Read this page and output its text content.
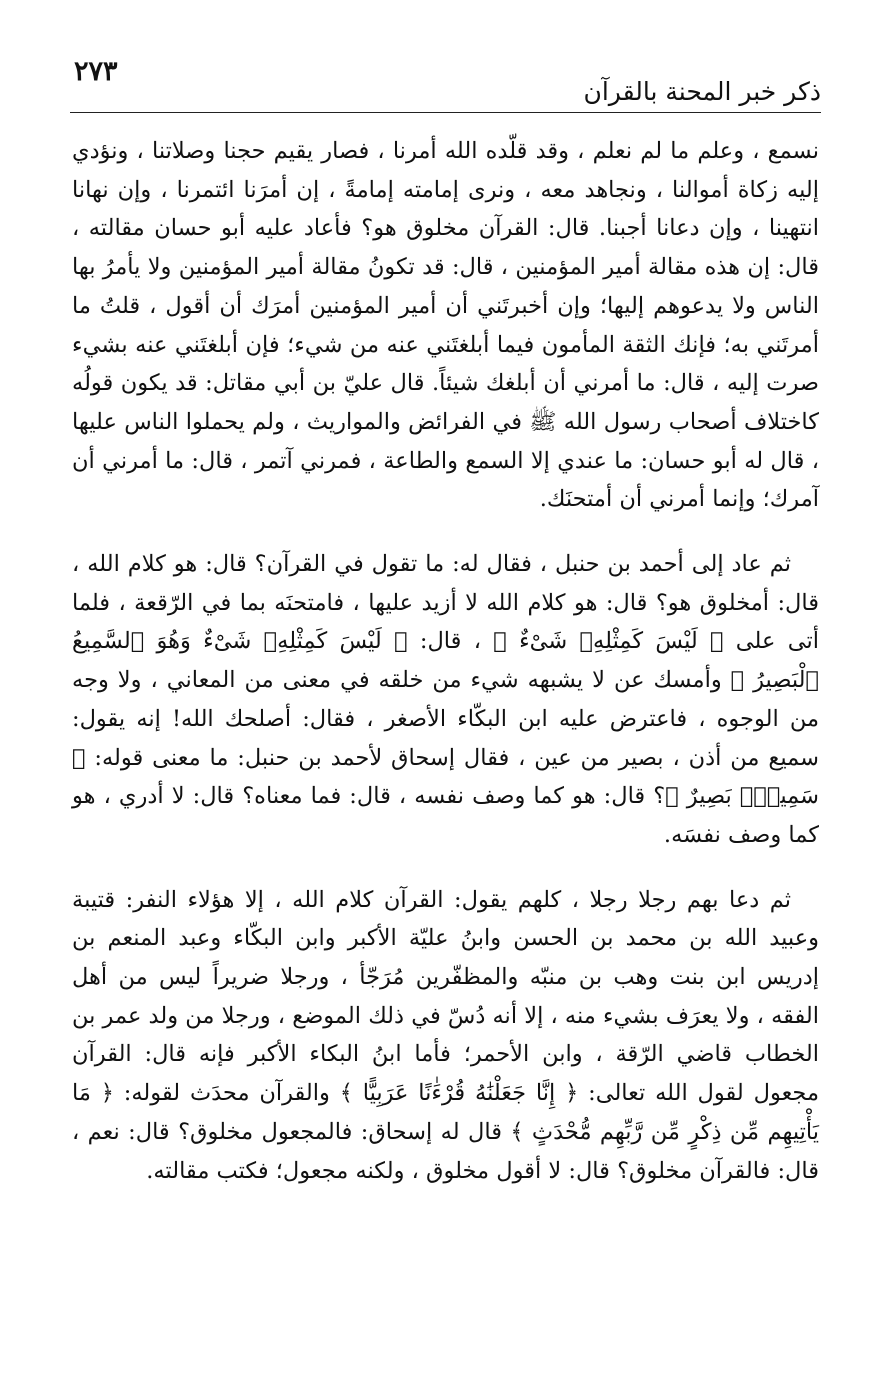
ذكر خبر المحنة بالقرآن
٢٧٣

نسمع ، وعلم ما لم نعلم ، وقد قلّده الله أمرنا ، فصار يقيم حجنا وصلاتنا ، ونؤدي إليه زكاة أموالنا ، ونجاهد معه ، ونرى إمامته إمامةً ، إن أمرَنا ائتمرنا ، وإن نهانا انتهينا ، وإن دعانا أجبنا. قال: القرآن مخلوق هو؟ فأعاد عليه أبو حسان مقالته ، قال: إن هذه مقالة أمير المؤمنين ، قال: قد تكونُ مقالة أمير المؤمنين ولا يأمرُ بها الناس ولا يدعوهم إليها؛ وإن أخبرتَني أن أمير المؤمنين أمرَك أن أقول ، قلتُ ما أمرتَني به؛ فإنك الثقة المأمون فيما أبلغتَني عنه من شيء؛ فإن أبلغتَني عنه بشيء صرت إليه ، قال: ما أمرني أن أبلغك شيئاً. قال عليّ بن أبي مقاتل: قد يكون قولُه كاختلاف أصحاب رسول الله ﷺ في الفرائض والمواريث ، ولم يحملوا الناس عليها ، قال له أبو حسان: ما عندي إلا السمع والطاعة ، فمرني آتمر ، قال: ما أمرني أن آمرك؛ وإنما أمرني أن أمتحنَك.

ثم عاد إلى أحمد بن حنبل ، فقال له: ما تقول في القرآن؟ قال: هو كلام الله ، قال: أمخلوق هو؟ قال: هو كلام الله لا أزيد عليها ، فامتحنَه بما في الرّقعة ، فلما أتى على ﴿ لَيْسَ كَمِثْلِهِۦ شَىْءٌ ﴾ ، قال: ﴿ لَيْسَ كَمِثْلِهِۦ شَىْءٌ وَهُوَ ٱلسَّمِيعُ ٱلْبَصِيرُ ﴾ وأمسك عن لا يشبهه شيء من خلقه في معنى من المعاني ، ولا وجه من الوجوه ، فاعترض عليه ابن البكّاء الأصغر ، فقال: أصلحك الله! إنه يقول: سميع من أذن ، بصير من عين ، فقال إسحاق لأحمد بن حنبل: ما معنى قوله: ﴿ سَمِيعٌۢ بَصِيرٌ ﴾؟ قال: هو كما وصف نفسه ، قال: فما معناه؟ قال: لا أدري ، هو كما وصف نفسَه.

ثم دعا بهم رجلا رجلا ، كلهم يقول: القرآن كلام الله ، إلا هؤلاء النفر: قتيبة وعبيد الله بن محمد بن الحسن وابنُ عليّة الأكبر وابن البكّاء وعبد المنعم بن إدريس ابن بنت وهب بن منبّه والمظفّرين مُرَجّأ ، ورجلا ضريراً ليس من أهل الفقه ، ولا يعرَف بشيء منه ، إلا أنه دُسّ في ذلك الموضع ، ورجلا من ولد عمر بن الخطاب قاضي الرّقة ، وابن الأحمر؛ فأما ابنُ البكاء الأكبر فإنه قال: القرآن مجعول لقول الله تعالى: ﴿ إِنَّا جَعَلْنَٰهُ قُرْءَٰنًا عَرَبِيًّا ﴾ والقرآن محدَث لقوله: ﴿ مَا يَأْتِيهِم مِّن ذِكْرٍ مِّن رَّبِّهِم مُّحْدَثٍ ﴾ قال له إسحاق: فالمجعول مخلوق؟ قال: نعم ، قال: فالقرآن مخلوق؟ قال: لا أقول مخلوق ، ولكنه مجعول؛ فكتب مقالته.
